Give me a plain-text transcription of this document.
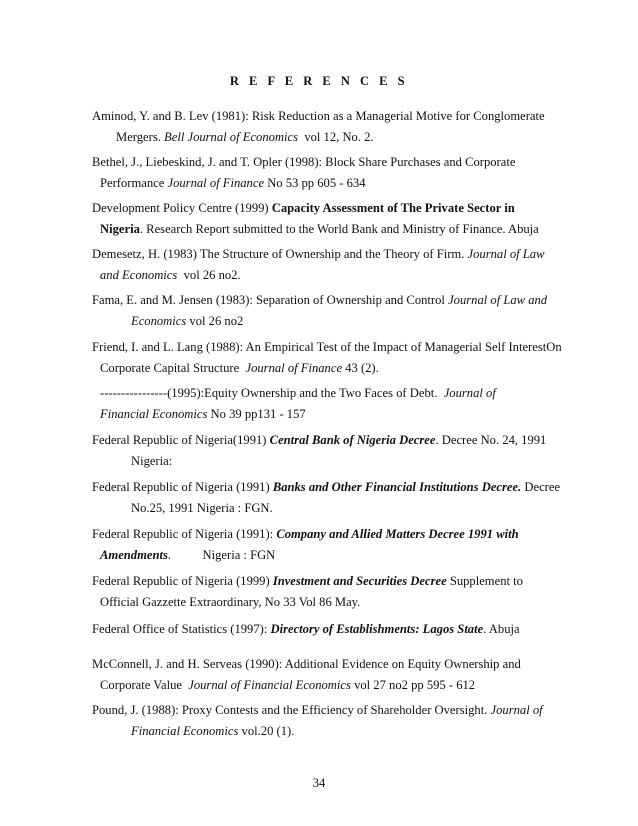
R E F E R E N C E S
Aminod, Y. and B. Lev (1981): Risk Reduction as a Managerial Motive for Conglomerate
Mergers. Bell Journal of Economics vol 12, No. 2.
Bethel, J., Liebeskind, J. and T. Opler (1998): Block Share Purchases and Corporate
Performance Journal of Finance No 53 pp 605 - 634
Development Policy Centre (1999) Capacity Assessment of The Private Sector in
Nigeria. Research Report submitted to the World Bank and Ministry of Finance. Abuja
Demesetz, H. (1983) The Structure of Ownership and the Theory of Firm. Journal of Law
and Economics vol 26 no2.
Fama, E. and M. Jensen (1983): Separation of Ownership and Control Journal of Law and
Economics vol 26 no2
Friend, I. and L. Lang (1988): An Empirical Test of the Impact of Managerial Self InterestOn
Corporate Capital Structure Journal of Finance 43 (2).
----------------(1995):Equity Ownership and the Two Faces of Debt. Journal of
Financial Economics No 39 pp131 - 157
Federal Republic of Nigeria(1991) Central Bank of Nigeria Decree. Decree No. 24, 1991
Nigeria:
Federal Republic of Nigeria (1991) Banks and Other Financial Institutions Decree. Decree
No.25, 1991 Nigeria : FGN.
Federal Republic of Nigeria (1991): Company and Allied Matters Decree 1991 with
Amendments.          Nigeria : FGN
Federal Republic of Nigeria (1999) Investment and Securities Decree Supplement to
Official Gazzette Extraordinary, No 33 Vol 86 May.
Federal Office of Statistics (1997): Directory of Establishments: Lagos State. Abuja
McConnell, J. and H. Serveas (1990): Additional Evidence on Equity Ownership and
Corporate Value Journal of Financial Economics vol 27 no2 pp 595 - 612
Pound, J. (1988): Proxy Contests and the Efficiency of Shareholder Oversight. Journal of
Financial Economics vol.20 (1).
34
